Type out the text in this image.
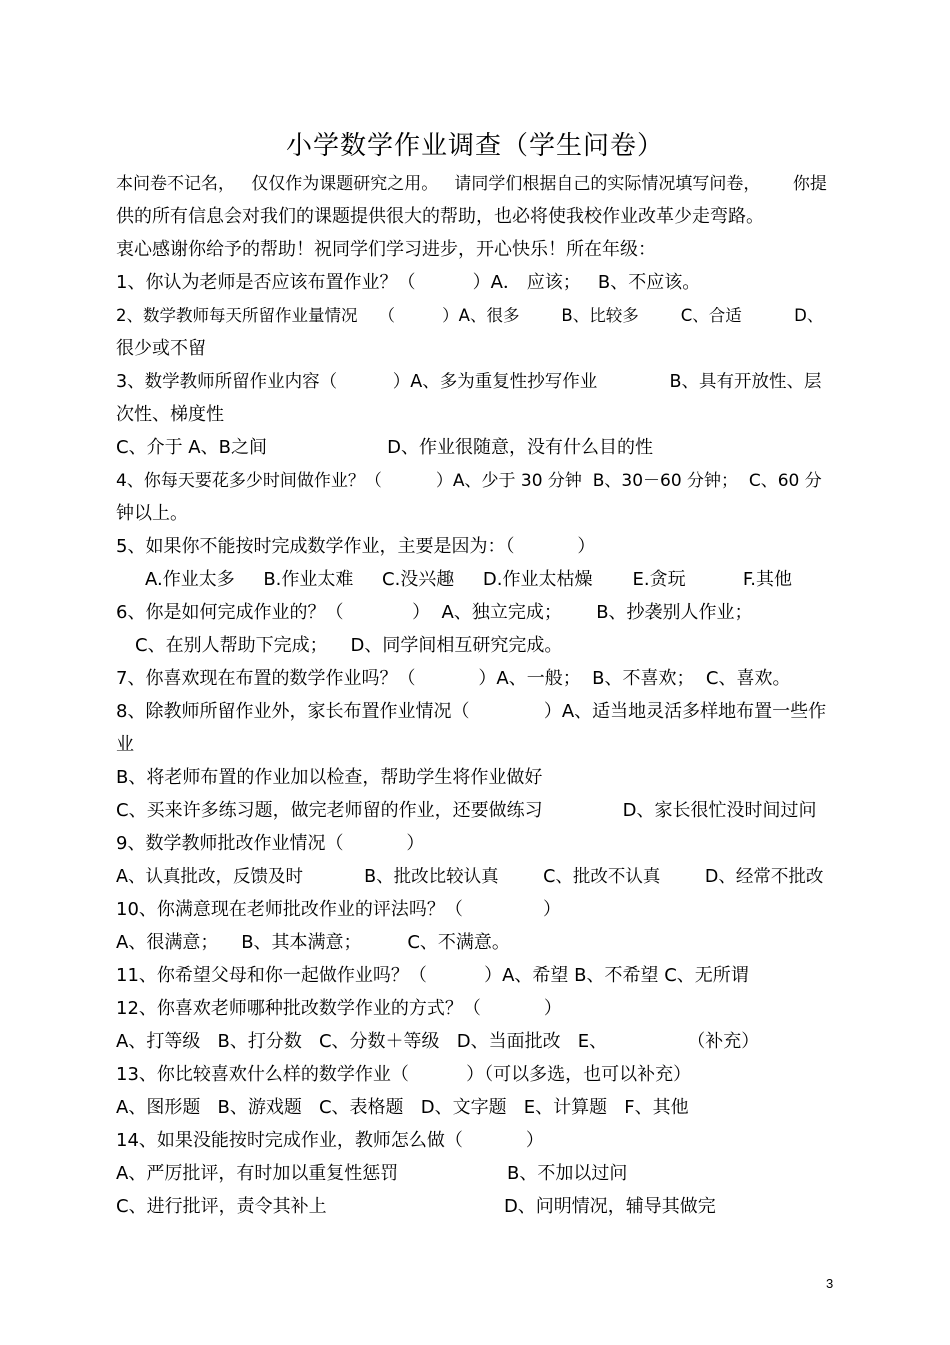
小学数学作业调查（学生问卷）
本问卷不记名，   仅仅作为课题研究之用。   请同学们根据自己的实际情况填写问卷，      你提
供的所有信息会对我们的课题提供很大的帮助，也必将使我校作业改革少走弯路。
衷心感谢你给予的帮助！祝同学们学习进步，开心快乐！所在年级：
1、你认为老师是否应该布置作业？（          ）A． 应该；   B、不应该。
2、数学教师每天所留作业量情况    （         ）A、很多        B、比较多        C、合适          D、
很少或不留
3、数学教师所留作业内容（          ）A、多为重复性抄写作业             B、具有开放性、层
次性、梯度性
C、介于 A、B之间                     D、作业很随意，没有什么目的性
4、你每天要花多少时间做作业？（          ）A、少于 30 分钟  B、30－60 分钟；  C、60 分
钟以上。
5、如果你不能按时完成数学作业，主要是因为：（           ）
A.作业太多     B.作业太难     C.没兴趣     D.作业太枯燥       E.贪玩          F.其他
6、你是如何完成作业的？（            ）  A、独立完成；      B、抄袭别人作业；
C、在别人帮助下完成；    D、同学间相互研究完成。
7、你喜欢现在布置的数学作业吗？（           ）A、一般；  B、不喜欢；  C、喜欢。
8、除教师所留作业外，家长布置作业情况（             ）A、适当地灵活多样地布置一些作
业
B、将老师布置的作业加以检查，帮助学生将作业做好
C、买来许多练习题，做完老师留的作业，还要做练习              D、家长很忙没时间过问
9、数学教师批改作业情况（           ）
A、认真批改，反馈及时           B、批改比较认真        C、批改不认真        D、经常不批改
10、你满意现在老师批改作业的评法吗？（              ）
A、很满意；    B、其本满意；        C、不满意。
11、你希望父母和你一起做作业吗？（          ）A、希望 B、不希望 C、无所谓
12、你喜欢老师哪种批改数学作业的方式？（           ）
A、打等级   B、打分数   C、分数＋等级   D、当面批改   E、              （补充）
13、你比较喜欢什么样的数学作业（          ）（可以多选，也可以补充）
A、图形题   B、游戏题   C、表格题   D、文字题   E、计算题   F、其他
14、如果没能按时完成作业，教师怎么做（           ）
A、严厉批评，有时加以重复性惩罚                   B、不加以过问
C、进行批评，责令其补上                               D、问明情况，辅导其做完
3
